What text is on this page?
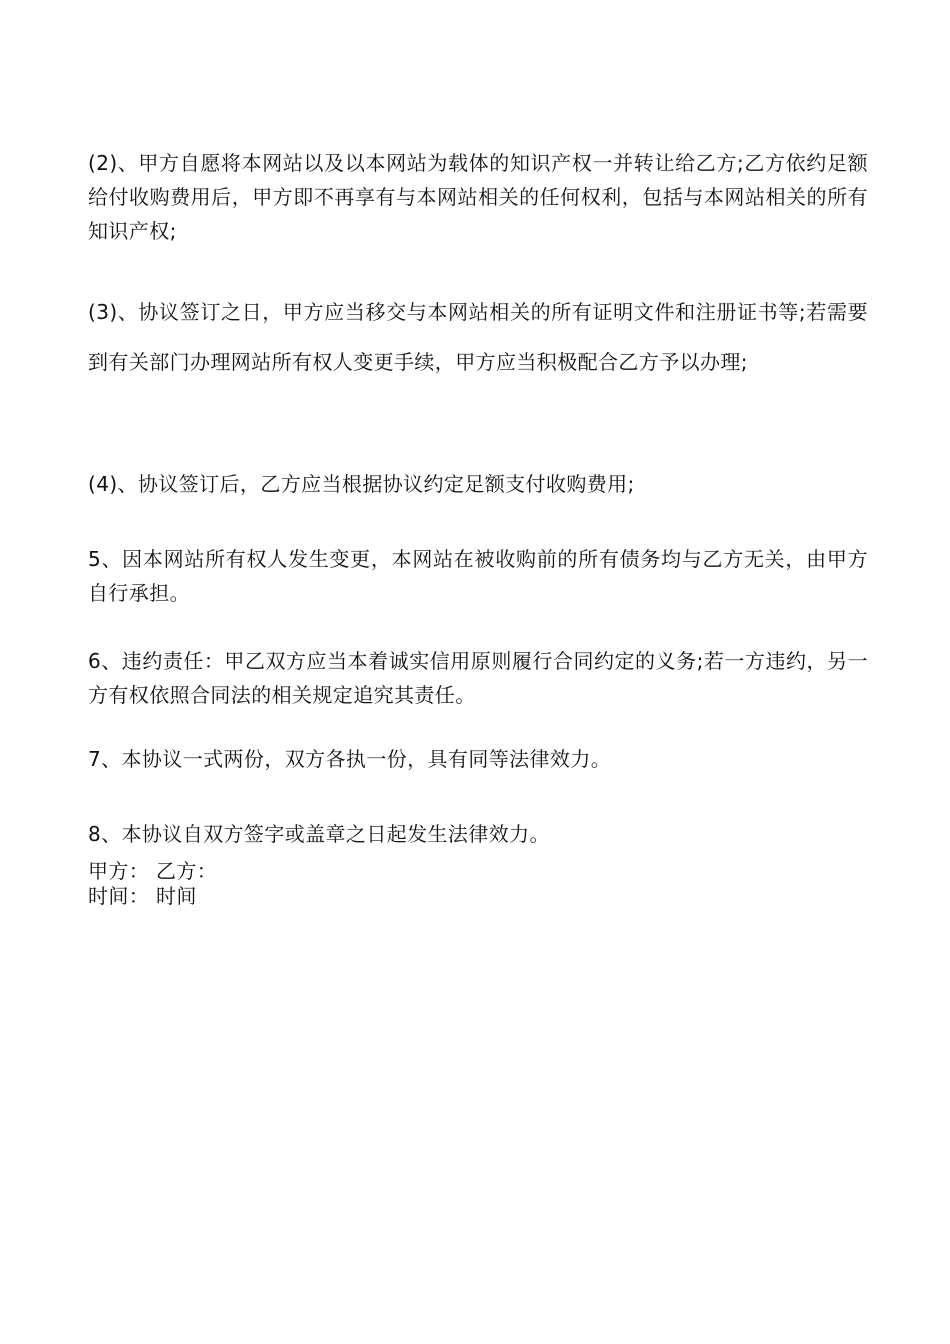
(2)、甲方自愿将本网站以及以本网站为载体的知识产权一并转让给乙方;乙方依约足额给付收购费用后，甲方即不再享有与本网站相关的任何权利，包括与本网站相关的所有知识产权;

(3)、协议签订之日，甲方应当移交与本网站相关的所有证明文件和注册证书等;若需要到有关部门办理网站所有权人变更手续，甲方应当积极配合乙方予以办理;

(4)、协议签订后，乙方应当根据协议约定足额支付收购费用;

5、因本网站所有权人发生变更，本网站在被收购前的所有债务均与乙方无关，由甲方自行承担。

6、违约责任：甲乙双方应当本着诚实信用原则履行合同约定的义务;若一方违约，另一方有权依照合同法的相关规定追究其责任。

7、本协议一式两份，双方各执一份，具有同等法律效力。

8、本协议自双方签字或盖章之日起发生法律效力。

甲方： 乙方：

时间： 时间
